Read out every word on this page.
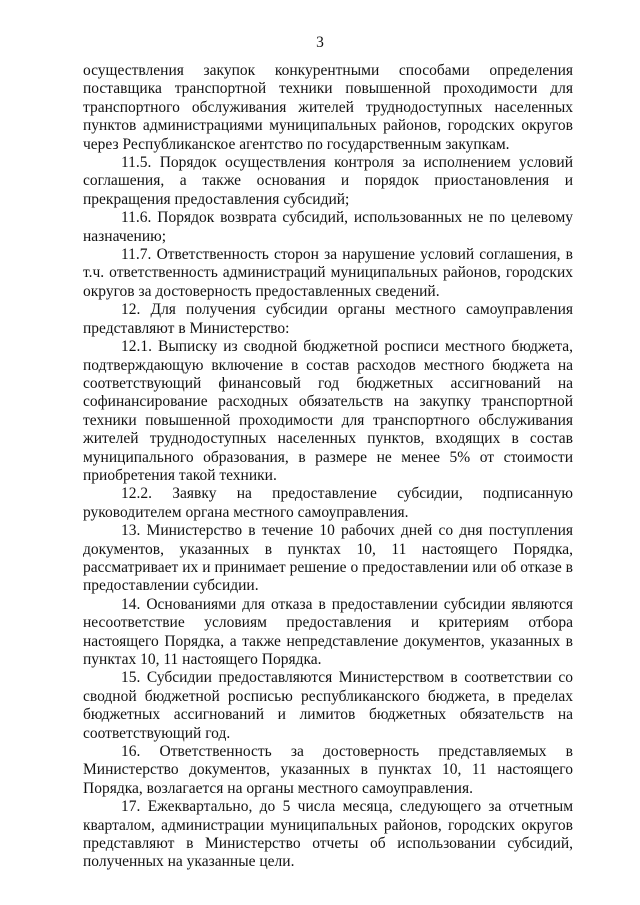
3

осуществления закупок конкурентными способами определения поставщика транспортной техники повышенной проходимости для транспортного обслуживания жителей труднодоступных населенных пунктов администрациями муниципальных районов, городских округов через Республиканское агентство по государственным закупкам.

11.5. Порядок осуществления контроля за исполнением условий соглашения, а также основания и порядок приостановления и прекращения предоставления субсидий;

11.6. Порядок возврата субсидий, использованных не по целевому назначению;

11.7. Ответственность сторон за нарушение условий соглашения, в т.ч. ответственность администраций муниципальных районов, городских округов за достоверность предоставленных сведений.

12. Для получения субсидии органы местного самоуправления представляют в Министерство:

12.1. Выписку из сводной бюджетной росписи местного бюджета, подтверждающую включение в состав расходов местного бюджета на соответствующий финансовый год бюджетных ассигнований на софинансирование расходных обязательств на закупку транспортной техники повышенной проходимости для транспортного обслуживания жителей труднодоступных населенных пунктов, входящих в состав муниципального образования, в размере не менее 5% от стоимости приобретения такой техники.

12.2. Заявку на предоставление субсидии, подписанную руководителем органа местного самоуправления.

13. Министерство в течение 10 рабочих дней со дня поступления документов, указанных в пунктах 10, 11 настоящего Порядка, рассматривает их и принимает решение о предоставлении или об отказе в предоставлении субсидии.

14. Основаниями для отказа в предоставлении субсидии являются несоответствие условиям предоставления и критериям отбора настоящего Порядка, а также непредставление документов, указанных в пунктах 10, 11 настоящего Порядка.

15. Субсидии предоставляются Министерством в соответствии со сводной бюджетной росписью республиканского бюджета, в пределах бюджетных ассигнований и лимитов бюджетных обязательств на соответствующий год.

16. Ответственность за достоверность представляемых в Министерство документов, указанных в пунктах 10, 11 настоящего Порядка, возлагается на органы местного самоуправления.

17. Ежеквартально, до 5 числа месяца, следующего за отчетным кварталом, администрации муниципальных районов, городских округов представляют в Министерство отчеты об использовании субсидий, полученных на указанные цели.
